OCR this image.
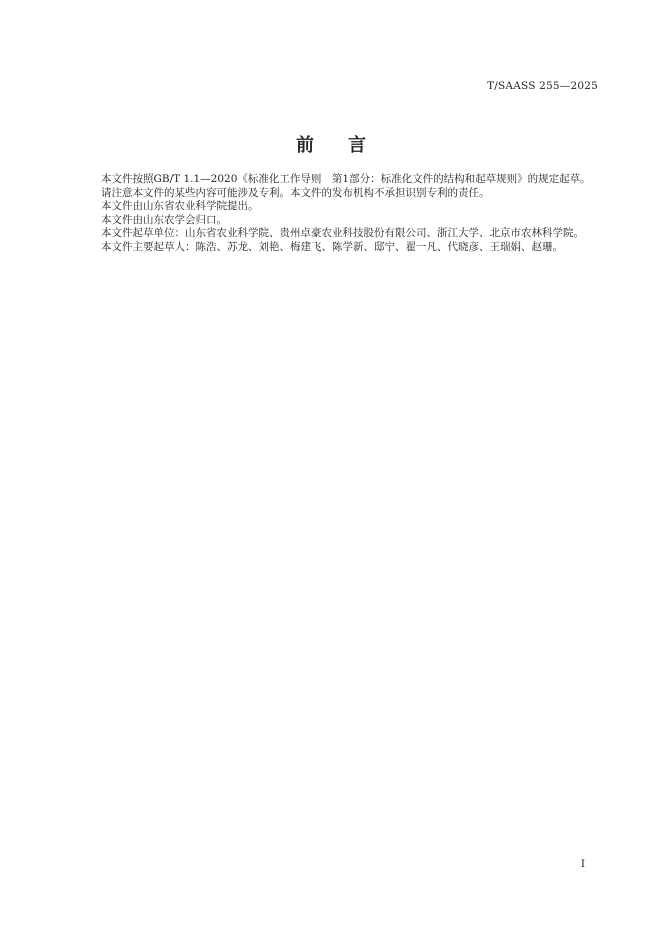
T/SAASS 255—2025
前 言

本文件按照GB/T 1.1—2020《标准化工作导则　第1部分：标准化文件的结构和起草规则》的规定起草。

请注意本文件的某些内容可能涉及专利。本文件的发布机构不承担识别专利的责任。

本文件由山东省农业科学院提出。

本文件由山东农学会归口。

本文件起草单位：山东省农业科学院、贵州卓豪农业科技股份有限公司、浙江大学、北京市农林科学院。

本文件主要起草人：陈浩、苏龙、刘艳、梅建飞、陈学新、邸宁、翟一凡、代晓彦、王瑞娟、赵珊。

I
